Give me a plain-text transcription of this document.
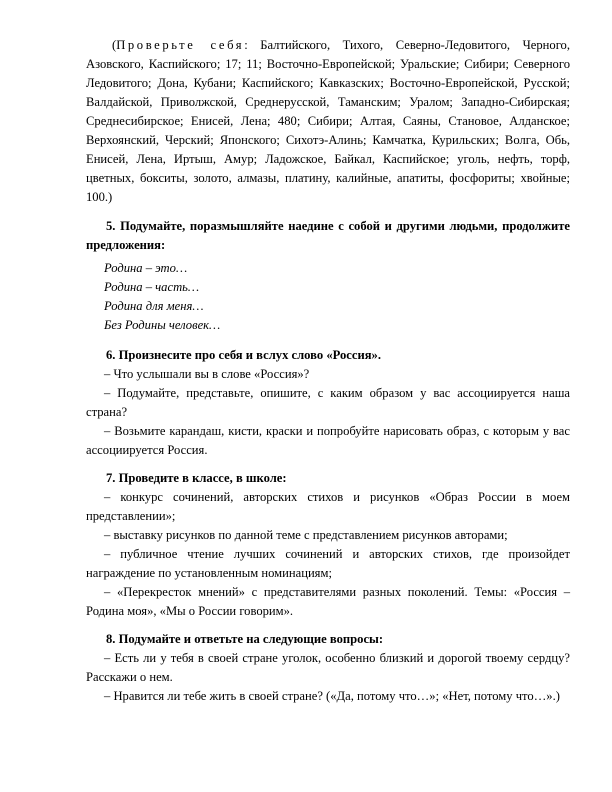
(Проверьте себя: Балтийского, Тихого, Северно-Ледовитого, Черного, Азовского, Каспийского; 17; 11; Восточно-Европейской; Уральские; Сибири; Северного Ледовитого; Дона, Кубани; Каспийского; Кавказских; Восточно-Европейской, Русской; Валдайской, Приволжской, Среднерусской, Таманским; Уралом; Западно-Сибирская; Среднесибирское; Енисей, Лена; 480; Сибири; Алтая, Саяны, Становое, Алданское; Верхоянский, Черский; Японского; Сихотэ-Алинь; Камчатка, Курильских; Волга, Обь, Енисей, Лена, Иртыш, Амур; Ладожское, Байкал, Каспийское; уголь, нефть, торф, цветных, бокситы, золото, алмазы, платину, калийные, апатиты, фосфориты; хвойные; 100.)

5. Подумайте, поразмышляйте наедине с собой и другими людьми, продолжите предложения:

Родина – это…
Родина – часть…
Родина для меня…
Без Родины человек…

6. Произнесите про себя и вслух слово «Россия».

– Что услышали вы в слове «Россия»?

– Подумайте, представьте, опишите, с каким образом у вас ассоциируется наша страна?

– Возьмите карандаш, кисти, краски и попробуйте нарисовать образ, с которым у вас ассоциируется Россия.

7. Проведите в классе, в школе:

– конкурс сочинений, авторских стихов и рисунков «Образ России в моем представлении»;

– выставку рисунков по данной теме с представлением рисунков авторами;

– публичное чтение лучших сочинений и авторских стихов, где произойдет награждение по установленным номинациям;

– «Перекресток мнений» с представителями разных поколений. Темы: «Россия – Родина моя», «Мы о России говорим».

8. Подумайте и ответьте на следующие вопросы:

– Есть ли у тебя в своей стране уголок, особенно близкий и дорогой твоему сердцу? Расскажи о нем.

– Нравится ли тебе жить в своей стране? («Да, потому что…»; «Нет, потому что…».)
